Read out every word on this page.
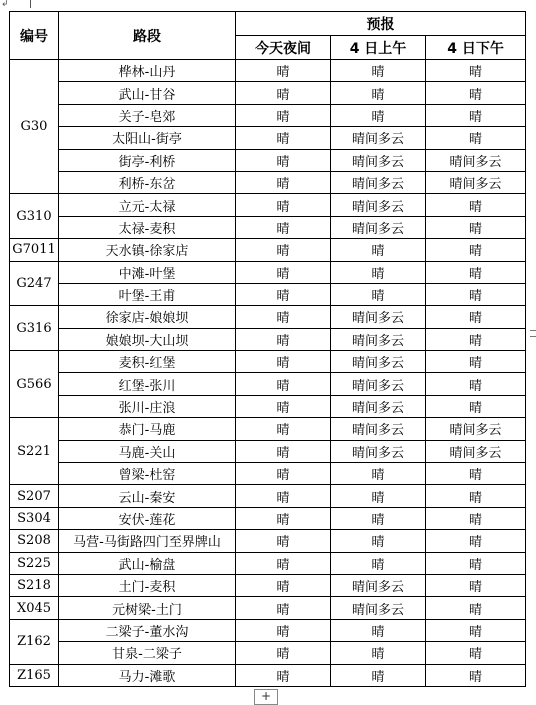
↲
编号	路段	预报		
		今天夜间	4 日上午	4 日下午
G30	桦林-山丹	晴	晴	晴
	武山-甘谷	晴	晴	晴
	关子-皂郊	晴	晴	晴
	太阳山-街亭	晴	晴间多云	晴
	街亭-利桥	晴	晴间多云	晴间多云
	利桥-东岔	晴	晴间多云	晴间多云
G310	立元-太禄	晴	晴间多云	晴
	太禄-麦积	晴	晴间多云	晴
G7011	天水镇-徐家店	晴	晴	晴
G247	中滩-叶堡	晴	晴	晴
	叶堡-王甫	晴	晴	晴
G316	徐家店-娘娘坝	晴	晴间多云	晴
	娘娘坝-大山坝	晴	晴间多云	晴
G566	麦积-红堡	晴	晴间多云	晴
	红堡-张川	晴	晴间多云	晴
	张川-庄浪	晴	晴间多云	晴
S221	恭门-马鹿	晴	晴间多云	晴间多云
	马鹿-关山	晴	晴间多云	晴间多云
	曾梁-杜窑	晴	晴	晴
S207	云山-秦安	晴	晴	晴
S304	安伏-莲花	晴	晴	晴
S208	马营-马街路四门至界牌山	晴	晴	晴
S225	武山-榆盘	晴	晴	晴
S218	土门-麦积	晴	晴间多云	晴
X045	元树梁-土门	晴	晴间多云	晴
Z162	二梁子-董水沟	晴	晴	晴
	甘泉-二梁子	晴	晴	晴
Z165	马力-滩歌	晴	晴	晴
+
